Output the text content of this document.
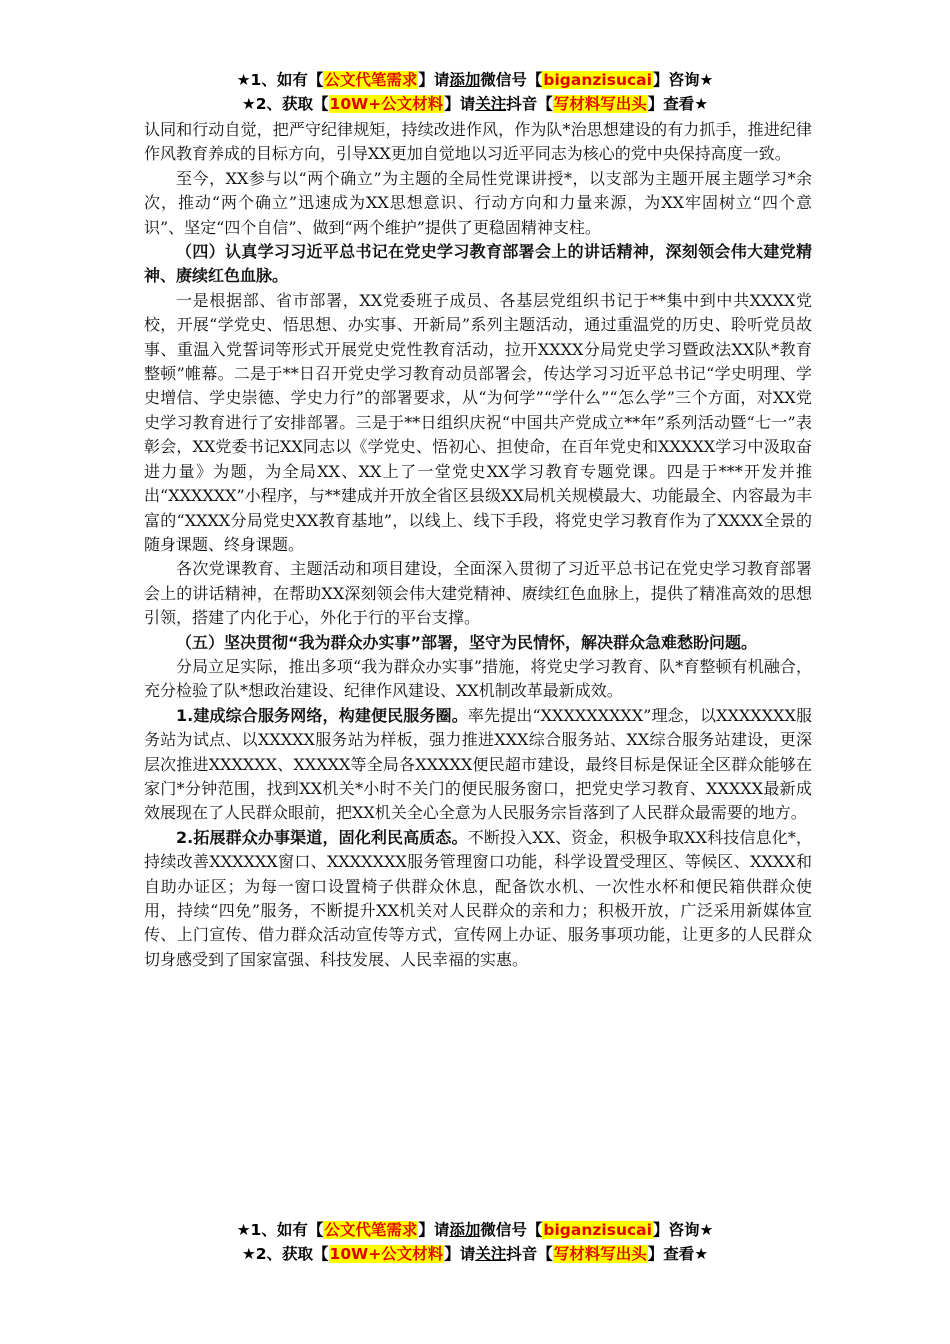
★1、如有【公文代笔需求】请添加微信号【biganzisucai】咨询★
★2、获取【10W+公文材料】请关注抖音【写材料写出头】查看★

认同和行动自觉，把严守纪律规矩，持续改进作风，作为队*治思想建设的有力抓手，推进纪律作风教育养成的目标方向，引导XX更加自觉地以习近平同志为核心的党中央保持高度一致。

至今，XX参与以“两个确立”为主题的全局性党课讲授*，以支部为主题开展主题学习*余次，推动“两个确立”迅速成为XX思想意识、行动方向和力量来源，为XX牢固树立“四个意识”、坚定“四个自信”、做到“两个维护”提供了更稳固精神支柱。

（四）认真学习习近平总书记在党史学习教育部署会上的讲话精神，深刻领会伟大建党精神、赓续红色血脉。

一是根据部、省市部署，XX党委班子成员、各基层党组织书记于**集中到中共XXXX党校，开展“学党史、悟思想、办实事、开新局”系列主题活动，通过重温党的历史、聆听党员故事、重温入党誓词等形式开展党史党性教育活动，拉开XXXX分局党史学习暨政法XX队*教育整顿”帷幕。二是于**日召开党史学习教育动员部署会，传达学习习近平总书记“学史明理、学史增信、学史崇德、学史力行”的部署要求，从“为何学”“学什么”“怎么学”三个方面，对XX党史学习教育进行了安排部署。三是于**日组织庆祝“中国共产党成立**年”系列活动暨“七一”表彰会，XX党委书记XX同志以《学党史、悟初心、担使命，在百年党史和XXXXX学习中汲取奋进力量》为题，为全局XX、XX上了一堂党史XX学习教育专题党课。四是于***开发并推出“XXXXXX”小程序，与**建成并开放全省区县级XX局机关规模最大、功能最全、内容最为丰富的“XXXX分局党史XX教育基地”，以线上、线下手段，将党史学习教育作为了XXXX全景的随身课题、终身课题。

各次党课教育、主题活动和项目建设，全面深入贯彻了习近平总书记在党史学习教育部署会上的讲话精神，在帮助XX深刻领会伟大建党精神、赓续红色血脉上，提供了精准高效的思想引领，搭建了内化于心，外化于行的平台支撑。

（五）坚决贯彻“我为群众办实事”部署，坚守为民情怀，解决群众急难愁盼问题。

分局立足实际，推出多项“我为群众办实事”措施，将党史学习教育、队*育整顿有机融合，充分检验了队*想政治建设、纪律作风建设、XX机制改革最新成效。

1.建成综合服务网络，构建便民服务圈。率先提出“XXXXXXXXX”理念，以XXXXXXX服务站为试点、以XXXXX服务站为样板，强力推进XXX综合服务站、XX综合服务站建设，更深层次推进XXXXXX、XXXXX等全局各XXXXX便民超市建设，最终目标是保证全区群众能够在家门*分钟范围，找到XX机关*小时不关门的便民服务窗口，把党史学习教育、XXXXX最新成效展现在了人民群众眼前，把XX机关全心全意为人民服务宗旨落到了人民群众最需要的地方。

2.拓展群众办事渠道，固化利民高质态。不断投入XX、资金，积极争取XX科技信息化*，持续改善XXXXXX窗口、XXXXXXX服务管理窗口功能，科学设置受理区、等候区、XXXX和自助办证区；为每一窗口设置椅子供群众休息，配备饮水机、一次性水杯和便民箱供群众使用，持续“四免”服务，不断提升XX机关对人民群众的亲和力；积极开放，广泛采用新媒体宣传、上门宣传、借力群众活动宣传等方式，宣传网上办证、服务事项功能，让更多的人民群众切身感受到了国家富强、科技发展、人民幸福的实惠。

★1、如有【公文代笔需求】请添加微信号【biganzisucai】咨询★
★2、获取【10W+公文材料】请关注抖音【写材料写出头】查看★
